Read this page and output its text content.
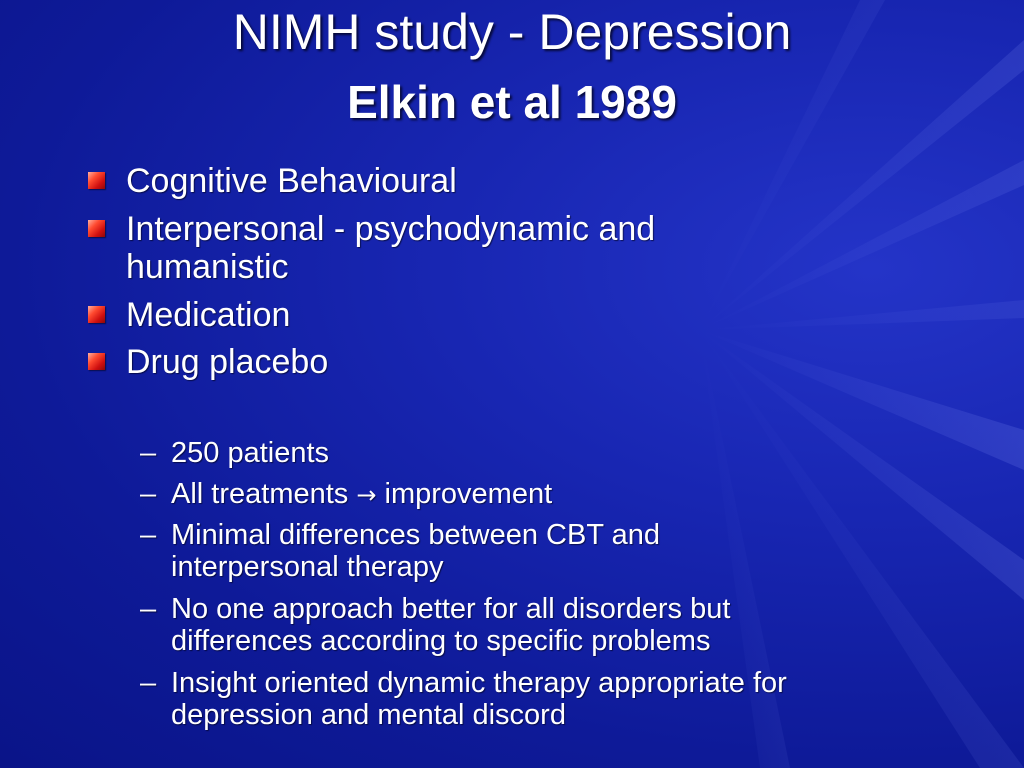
NIMH study - Depression
Elkin et al 1989
Cognitive Behavioural
Interpersonal - psychodynamic and humanistic
Medication
Drug placebo
– 250 patients
– All treatments → improvement
– Minimal differences between CBT and interpersonal therapy
– No one approach better for all disorders but differences according to specific problems
– Insight oriented dynamic therapy appropriate for depression and mental discord
